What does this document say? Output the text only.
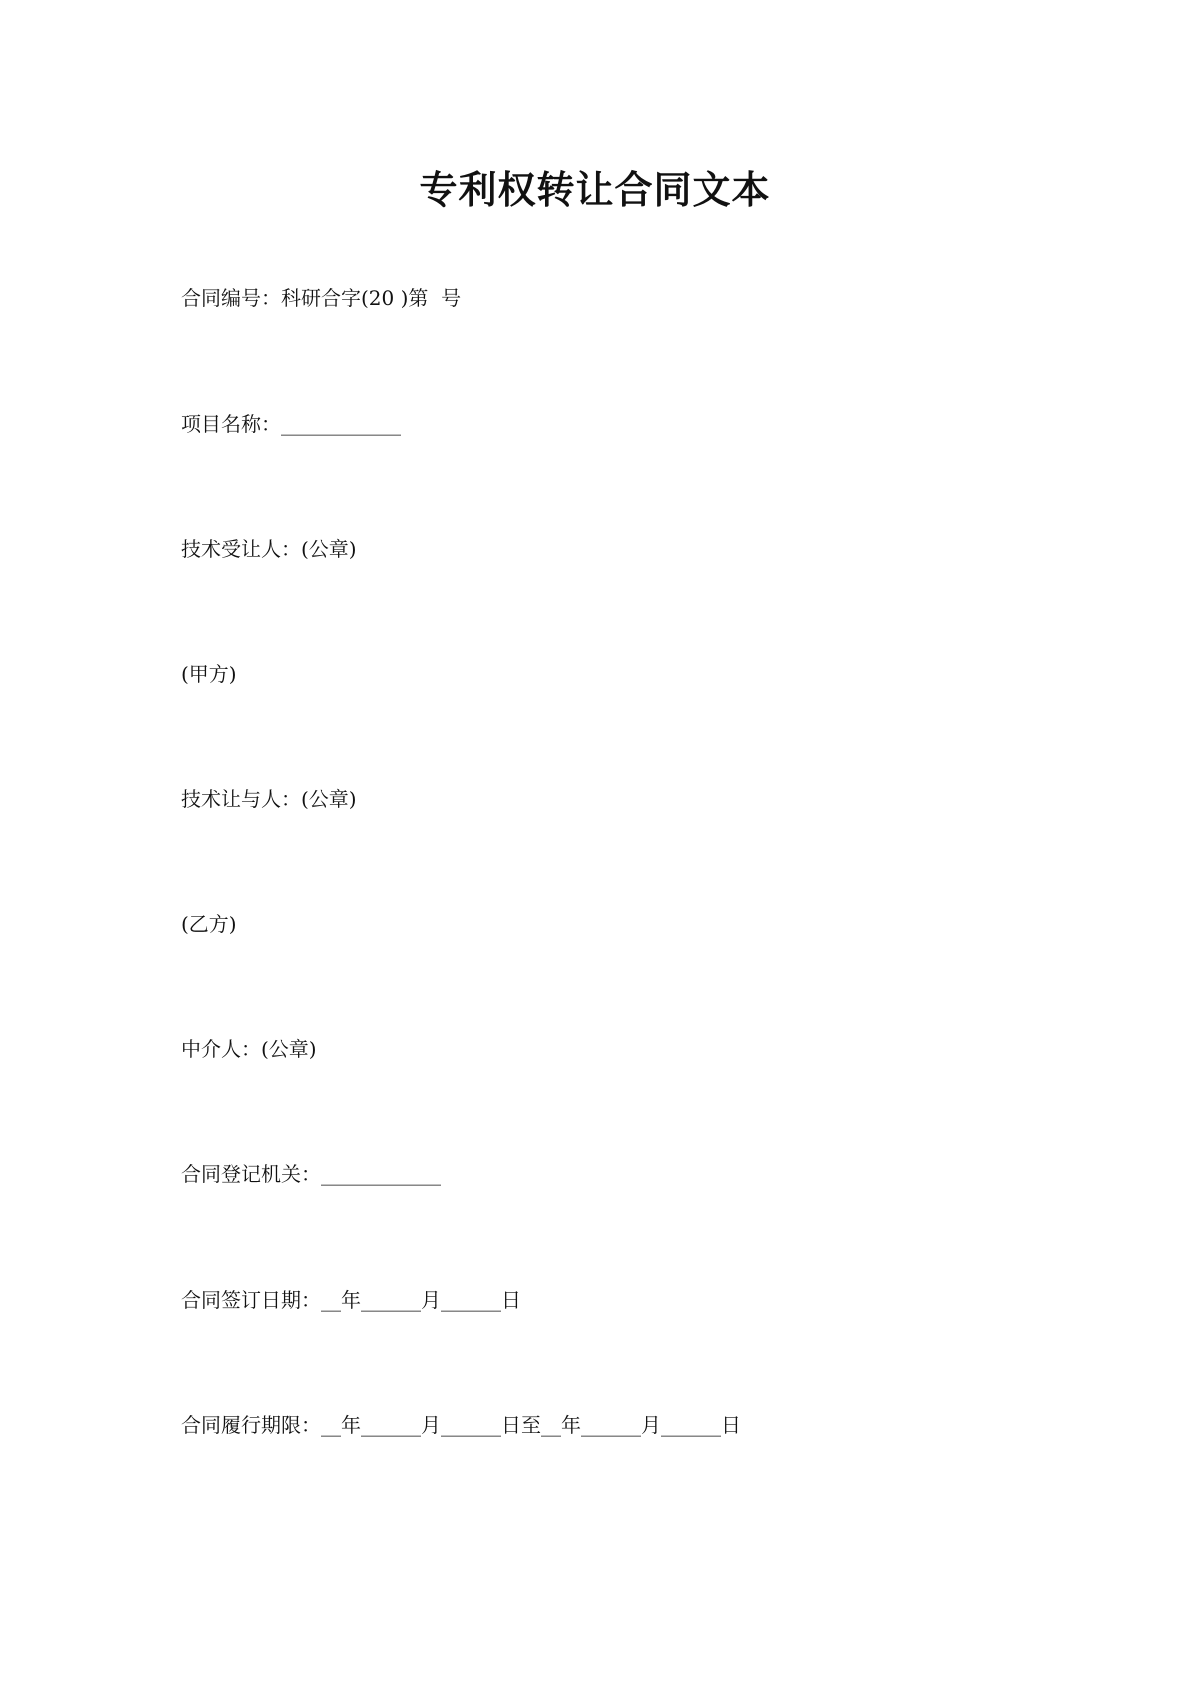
专利权转让合同文本
合同编号：科研合字(20 )第  号
项目名称：____________
技术受让人：(公章)
(甲方)
技术让与人：(公章)
(乙方)
中介人：(公章)
合同登记机关：____________
合同签订日期：__年______月______日
合同履行期限：__年______月______日至__年______月______日
